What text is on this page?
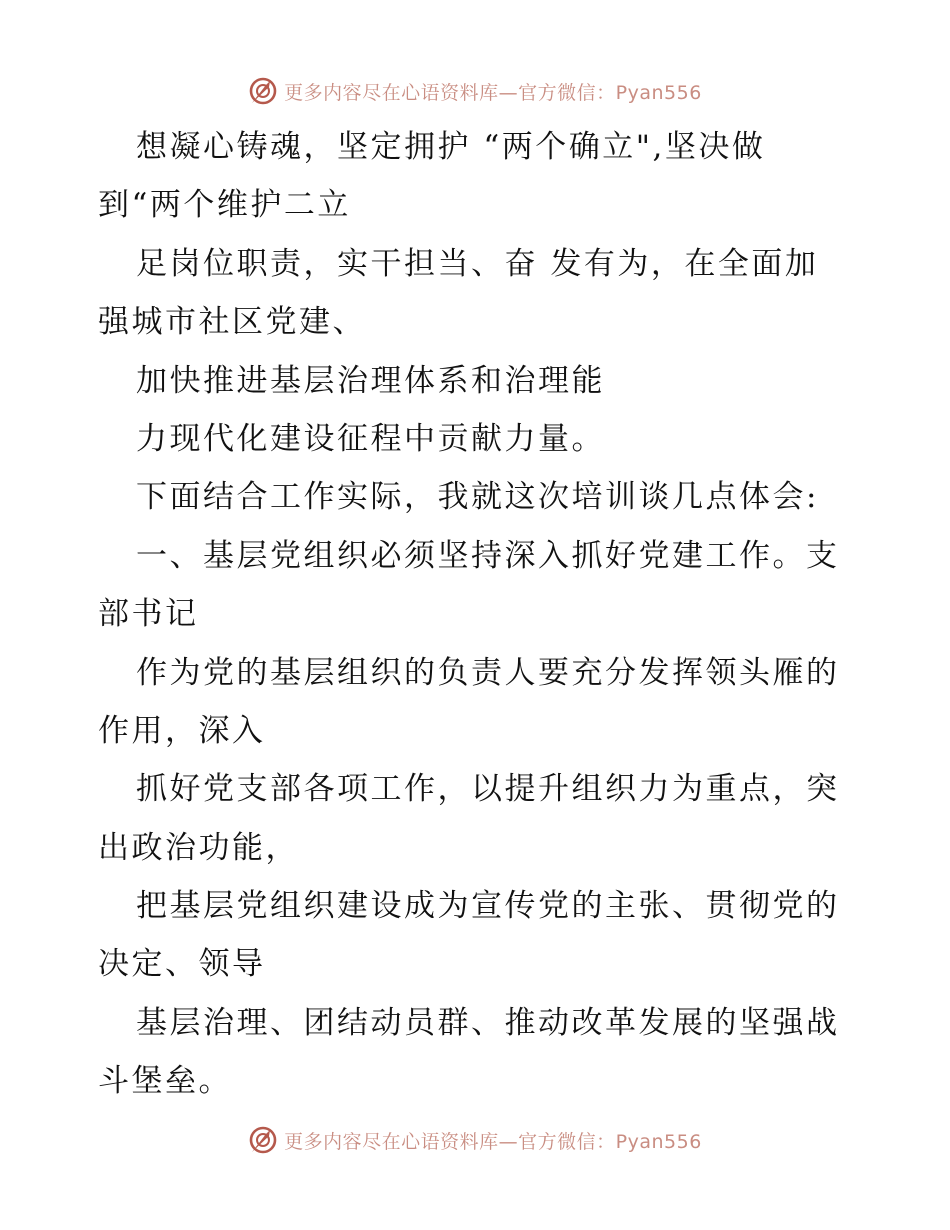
更多内容尽在心语资料库—官方微信：Pyan556
想凝心铸魂，坚定拥护 “两个确立",坚决做
到“两个维护二立
足岗位职责，实干担当、奋 发有为，在全面加
强城市社区党建、
加快推进基层治理体系和治理能
力现代化建设征程中贡献力量。
下面结合工作实际，我就这次培训谈几点体会:
一、基层党组织必须坚持深入抓好党建工作。支
部书记
作为党的基层组织的负责人要充分发挥领头雁的
作用，深入
抓好党支部各项工作，以提升组织力为重点，突
出政治功能，
把基层党组织建设成为宣传党的主张、贯彻党的
决定、领导
基层治理、团结动员群、推动改革发展的坚强战
斗堡垒。
更多内容尽在心语资料库—官方微信：Pyan556
